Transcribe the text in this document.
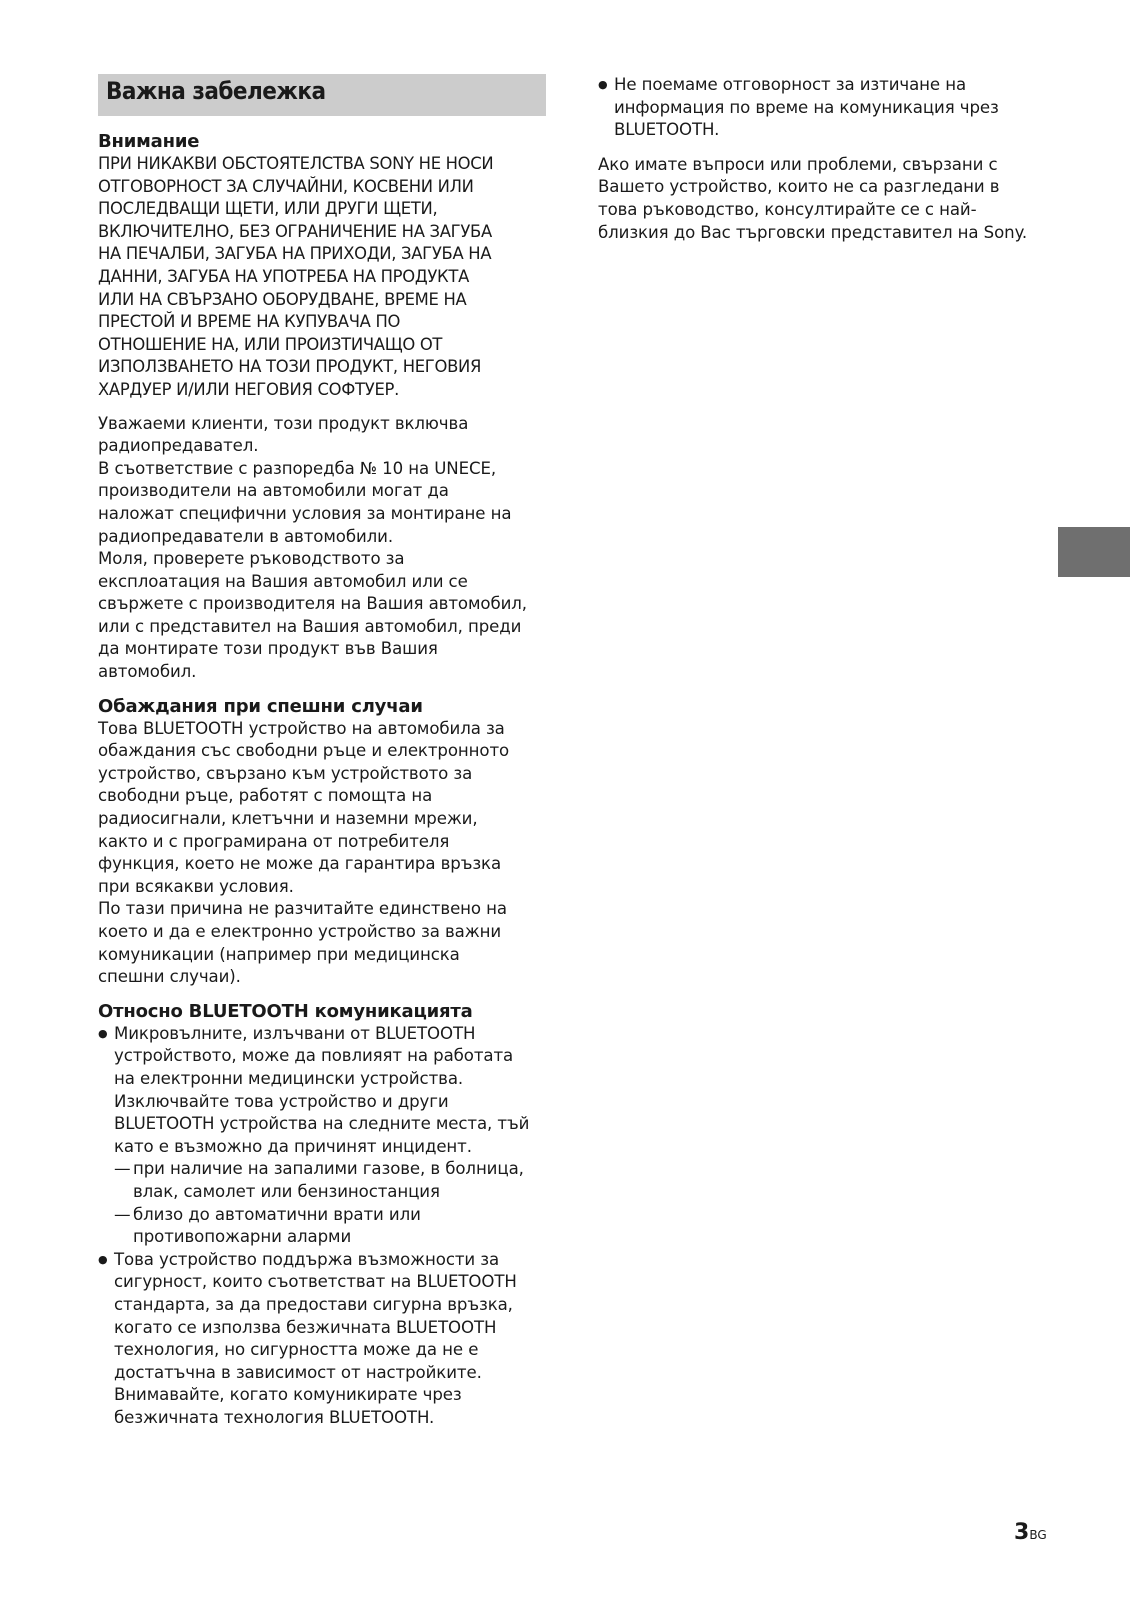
Важна забележка
Внимание

ПРИ НИКАКВИ ОБСТОЯТЕЛСТВА SONY НЕ НОСИ
ОТГОВОРНОСТ ЗА СЛУЧАЙНИ, КОСВЕНИ ИЛИ
ПОСЛЕДВАЩИ ЩЕТИ, ИЛИ ДРУГИ ЩЕТИ,
ВКЛЮЧИТЕЛНО, БЕЗ ОГРАНИЧЕНИЕ НА ЗАГУБА
НА ПЕЧАЛБИ, ЗАГУБА НА ПРИХОДИ, ЗАГУБА НА
ДАННИ, ЗАГУБА НА УПОТРЕБА НА ПРОДУКТА
ИЛИ НА СВЪРЗАНО ОБОРУДВАНЕ, ВРЕМЕ НА
ПРЕСТОЙ И ВРЕМЕ НА КУПУВАЧА ПО
ОТНОШЕНИЕ НА, ИЛИ ПРОИЗТИЧАЩО ОТ
ИЗПОЛЗВАНЕТО НА ТОЗИ ПРОДУКТ, НЕГОВИЯ
ХАРДУЕР И/ИЛИ НЕГОВИЯ СОФТУЕР.

Уважаеми клиенти, този продукт включва
радиопредавател.
В съответствие с разпоредба № 10 на UNECE,
производители на автомобили могат да
наложат специфични условия за монтиране на
радиопредаватели в автомобили.
Моля, проверете ръководството за
експлоатация на Вашия автомобил или се
свържете с производителя на Вашия автомобил,
или с представител на Вашия автомобил, преди
да монтирате този продукт във Вашия
автомобил.

Обаждания при спешни случаи

Това BLUETOOTH устройство на автомобила за
обаждания със свободни ръце и електронното
устройство, свързано към устройството за
свободни ръце, работят с помощта на
радиосигнали, клетъчни и наземни мрежи,
както и с програмирана от потребителя
функция, което не може да гарантира връзка
при всякакви условия.
По тази причина не разчитайте единствено на
което и да е електронно устройство за важни
комуникации (например при медицинска
спешни случаи).

Относно BLUETOOTH комуникацията
● Микровълните, излъчвани от BLUETOOTH
устройството, може да повлияят на работата
на електронни медицински устройства.
Изключвайте това устройство и други
BLUETOOTH устройства на следните места, тъй
като е възможно да причинят инцидент.
— при наличие на запалими газове, в болница,
влак, самолет или бензиностанция
— близо до автоматични врати или
противопожарни аларми
● Това устройство поддържа възможности за
сигурност, които съответстват на BLUETOOTH
стандарта, за да предостави сигурна връзка,
когато се използва безжичната BLUETOOTH
технология, но сигурността може да не е
достатъчна в зависимост от настройките.
Внимавайте, когато комуникирате чрез
безжичната технология BLUETOOTH.
● Не поемаме отговорност за изтичане на
информация по време на комуникация чрез
BLUETOOTH.

Ако имате въпроси или проблеми, свързани с
Вашето устройство, които не са разгледани в
това ръководство, консултирайте се с най-
близкия до Вас търговски представител на Sony.

3BG
